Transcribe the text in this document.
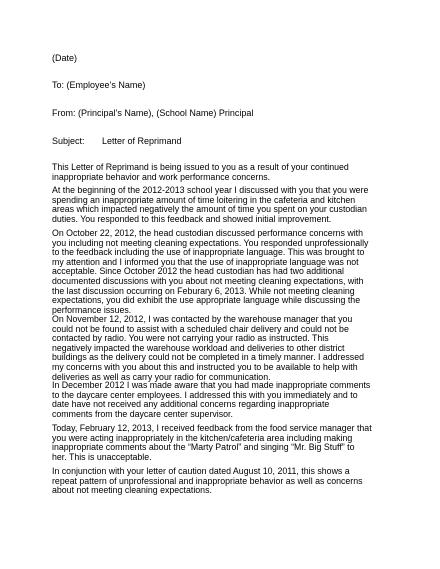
(Date)

To: (Employee’s Name)

From: (Principal’s Name), (School Name) Principal

Subject: Letter of Reprimand

This Letter of Reprimand is being issued to you as a result of your continued
inappropriate behavior and work performance concerns.

At the beginning of the 2012-2013 school year I discussed with you that you were
spending an inappropriate amount of time loitering in the cafeteria and kitchen
areas which impacted negatively the amount of time you spent on your custodian
duties. You responded to this feedback and showed initial improvement.

On October 22, 2012, the head custodian discussed performance concerns with
you including not meeting cleaning expectations. You responded unprofessionally
to the feedback including the use of inappropriate language. This was brought to
my attention and I informed you that the use of inappropriate language was not
acceptable. Since October 2012 the head custodian has had two additional
documented discussions with you about not meeting cleaning expectations, with
the last discussion occurring on Feburary 6, 2013. While not meeting cleaning
expectations, you did exhibit the use appropriate language while discussing the
performance issues.

On November 12, 2012, I was contacted by the warehouse manager that you
could not be found to assist with a scheduled chair delivery and could not be
contacted by radio. You were not carrying your radio as instructed. This
negatively impacted the warehouse workload and deliveries to other district
buildings as the delivery could not be completed in a timely manner. I addressed
my concerns with you about this and instructed you to be available to help with
deliveries as well as carry your radio for communication.

In December 2012 I was made aware that you had made inappropriate comments
to the daycare center employees. I addressed this with you immediately and to
date have not received any additional concerns regarding inappropriate
comments from the daycare center supervisor.

Today, February 12, 2013, I received feedback from the food service manager that
you were acting inappropriately in the kitchen/cafeteria area including making
inappropriate comments about the “Marty Patrol” and singing “Mr. Big Stuff” to
her. This is unacceptable.

In conjunction with your letter of caution dated August 10, 2011, this shows a
repeat pattern of unprofessional and inappropriate behavior as well as concerns
about not meeting cleaning expectations.
